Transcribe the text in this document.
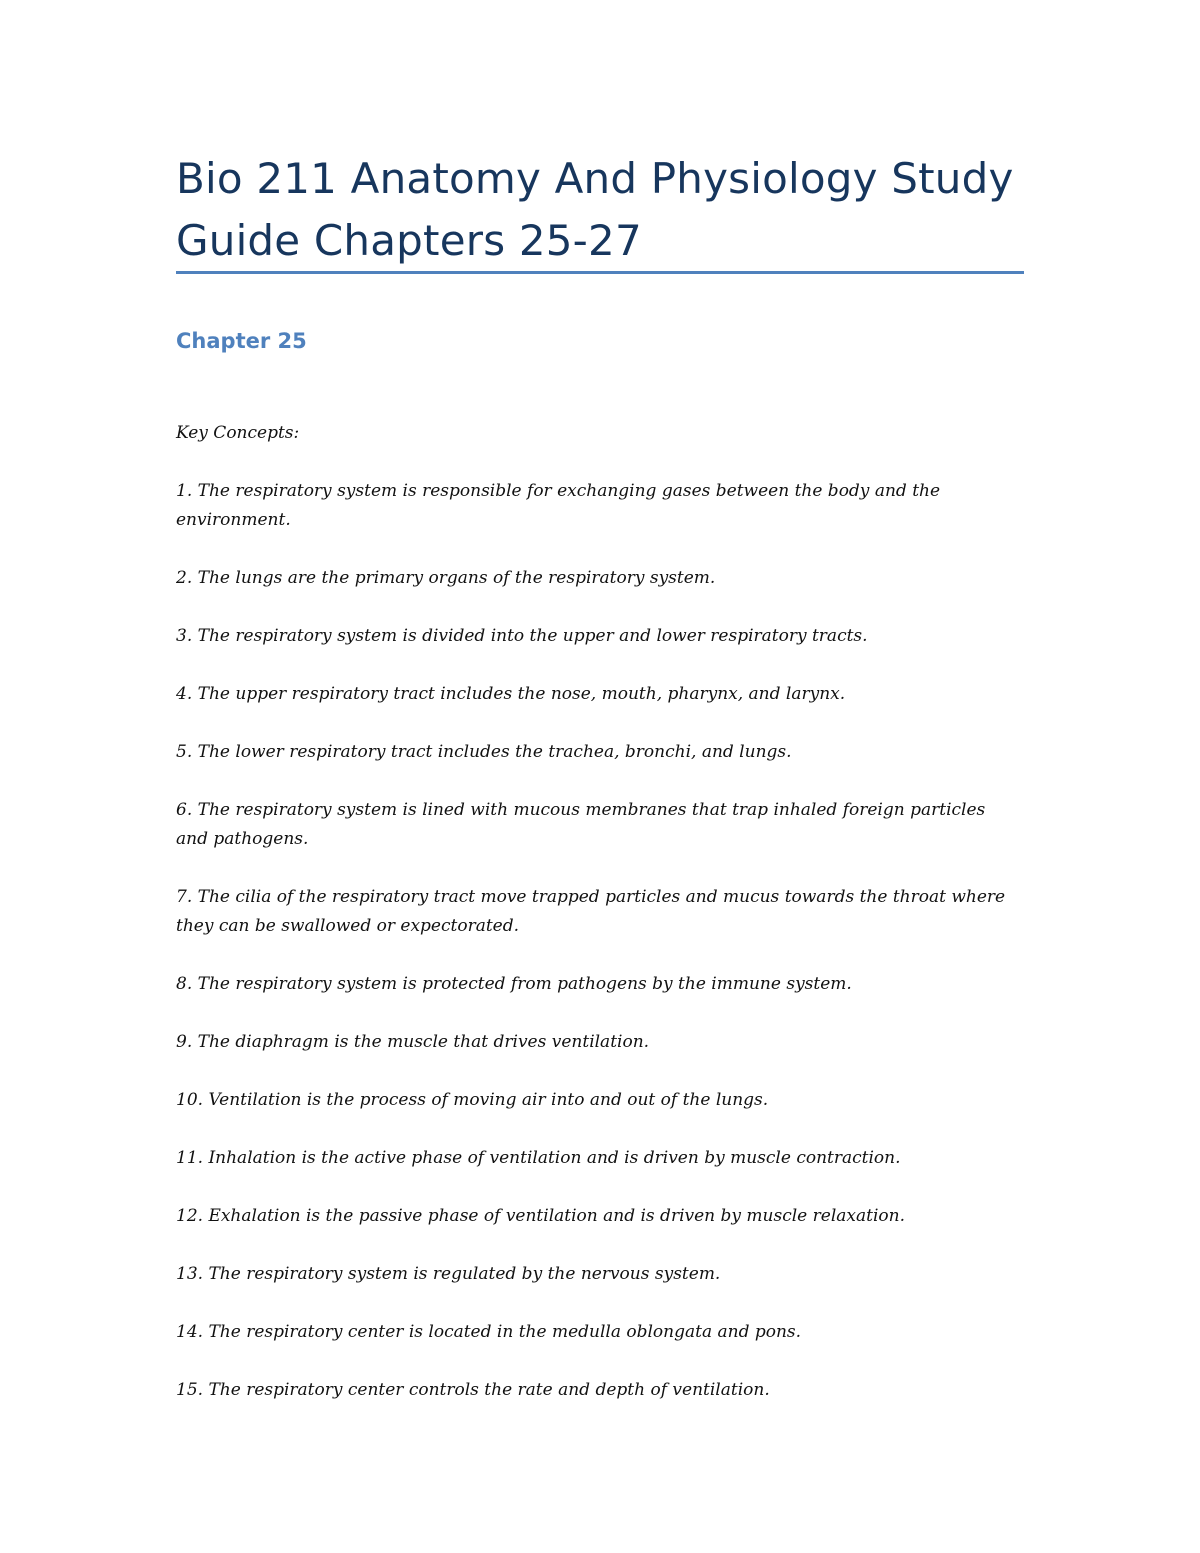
Bio 211 Anatomy And Physiology Study Guide Chapters 25-27
Chapter 25

Key Concepts:

1. The respiratory system is responsible for exchanging gases between the body and the environment.

2. The lungs are the primary organs of the respiratory system.

3. The respiratory system is divided into the upper and lower respiratory tracts.

4. The upper respiratory tract includes the nose, mouth, pharynx, and larynx.

5. The lower respiratory tract includes the trachea, bronchi, and lungs.

6. The respiratory system is lined with mucous membranes that trap inhaled foreign particles and pathogens.

7. The cilia of the respiratory tract move trapped particles and mucus towards the throat where they can be swallowed or expectorated.

8. The respiratory system is protected from pathogens by the immune system.

9. The diaphragm is the muscle that drives ventilation.

10. Ventilation is the process of moving air into and out of the lungs.

11. Inhalation is the active phase of ventilation and is driven by muscle contraction.

12. Exhalation is the passive phase of ventilation and is driven by muscle relaxation.

13. The respiratory system is regulated by the nervous system.

14. The respiratory center is located in the medulla oblongata and pons.

15. The respiratory center controls the rate and depth of ventilation.
